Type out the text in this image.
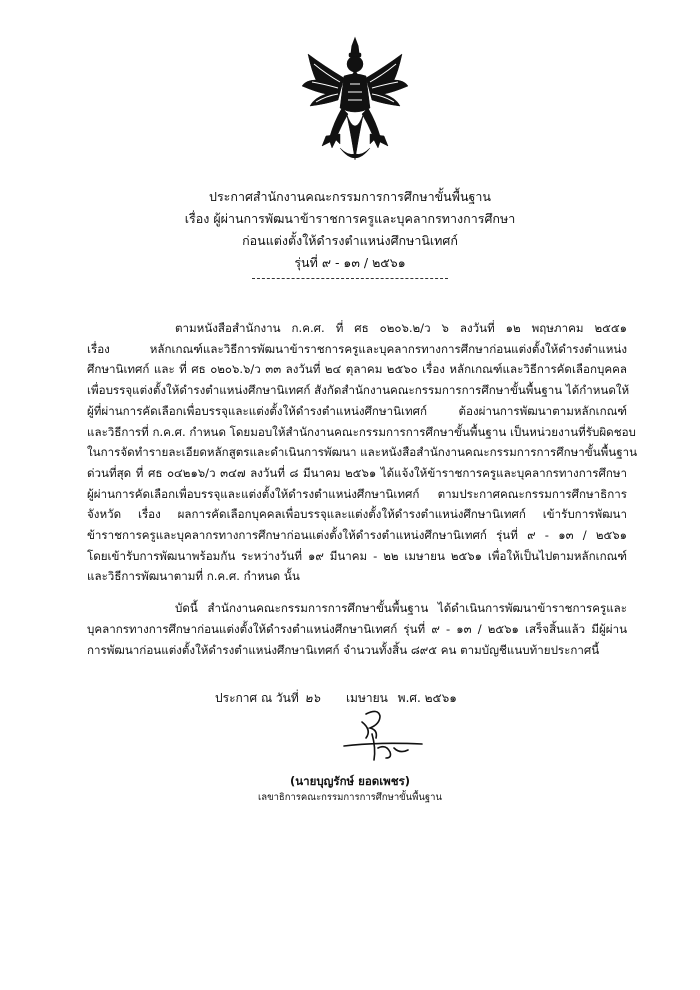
ประกาศสำนักงานคณะกรรมการการศึกษาขั้นพื้นฐาน
เรื่อง ผู้ผ่านการพัฒนาข้าราชการครูและบุคลากรทางการศึกษา
ก่อนแต่งตั้งให้ดำรงตำแหน่งศึกษานิเทศก์
รุ่นที่ ๙ - ๑๓ / ๒๕๖๑
ตามหนังสือสำนักงาน ก.ค.ศ. ที่ ศธ ๐๒๐๖.๒/ว ๖ ลงวันที่ ๑๒ พฤษภาคม ๒๕๕๑
เรื่อง หลักเกณฑ์และวิธีการพัฒนาข้าราชการครูและบุคลากรทางการศึกษาก่อนแต่งตั้งให้ดำรงตำแหน่ง
ศึกษานิเทศก์ และ ที่ ศธ ๐๒๐๖.๖/ว ๓๓ ลงวันที่ ๒๔ ตุลาคม ๒๕๖๐ เรื่อง หลักเกณฑ์และวิธีการคัดเลือกบุคคล
เพื่อบรรจุแต่งตั้งให้ดำรงตำแหน่งศึกษานิเทศก์ สังกัดสำนักงานคณะกรรมการการศึกษาขั้นพื้นฐาน ได้กำหนดให้
ผู้ที่ผ่านการคัดเลือกเพื่อบรรจุและแต่งตั้งให้ดำรงตำแหน่งศึกษานิเทศก์ ต้องผ่านการพัฒนาตามหลักเกณฑ์
และวิธีการที่ ก.ค.ศ. กำหนด โดยมอบให้สำนักงานคณะกรรมการการศึกษาขั้นพื้นฐาน เป็นหน่วยงานที่รับผิดชอบ
ในการจัดทำรายละเอียดหลักสูตรและดำเนินการพัฒนา และหนังสือสำนักงานคณะกรรมการการศึกษาขั้นพื้นฐาน
ด่วนที่สุด ที่ ศธ ๐๔๒๑๖/ว ๓๔๗ ลงวันที่ ๘ มีนาคม ๒๕๖๑ ได้แจ้งให้ข้าราชการครูและบุคลากรทางการศึกษา
ผู้ผ่านการคัดเลือกเพื่อบรรจุและแต่งตั้งให้ดำรงตำแหน่งศึกษานิเทศก์ ตามประกาศคณะกรรมการศึกษาธิการ
จังหวัด เรื่อง ผลการคัดเลือกบุคคลเพื่อบรรจุและแต่งตั้งให้ดำรงตำแหน่งศึกษานิเทศก์ เข้ารับการพัฒนา
ข้าราชการครูและบุคลากรทางการศึกษาก่อนแต่งตั้งให้ดำรงตำแหน่งศึกษานิเทศก์ รุ่นที่ ๙ - ๑๓ / ๒๕๖๑
โดยเข้ารับการพัฒนาพร้อมกัน ระหว่างวันที่ ๑๙ มีนาคม - ๒๒ เมษายน ๒๕๖๑ เพื่อให้เป็นไปตามหลักเกณฑ์
และวิธีการพัฒนาตามที่ ก.ค.ศ. กำหนด นั้น
บัดนี้ สำนักงานคณะกรรมการการศึกษาขั้นพื้นฐาน ได้ดำเนินการพัฒนาข้าราชการครูและ
บุคลากรทางการศึกษาก่อนแต่งตั้งให้ดำรงตำแหน่งศึกษานิเทศก์ รุ่นที่ ๙ - ๑๓ / ๒๕๖๑ เสร็จสิ้นแล้ว มีผู้ผ่าน
การพัฒนาก่อนแต่งตั้งให้ดำรงตำแหน่งศึกษานิเทศก์ จำนวนทั้งสิ้น ๘๙๕ คน ตามบัญชีแนบท้ายประกาศนี้
ประกาศ ณ วันที่ ๒๖ เมษายน พ.ศ. ๒๕๖๑
(นายบุญรักษ์ ยอดเพชร)
เลขาธิการคณะกรรมการการศึกษาขั้นพื้นฐาน
